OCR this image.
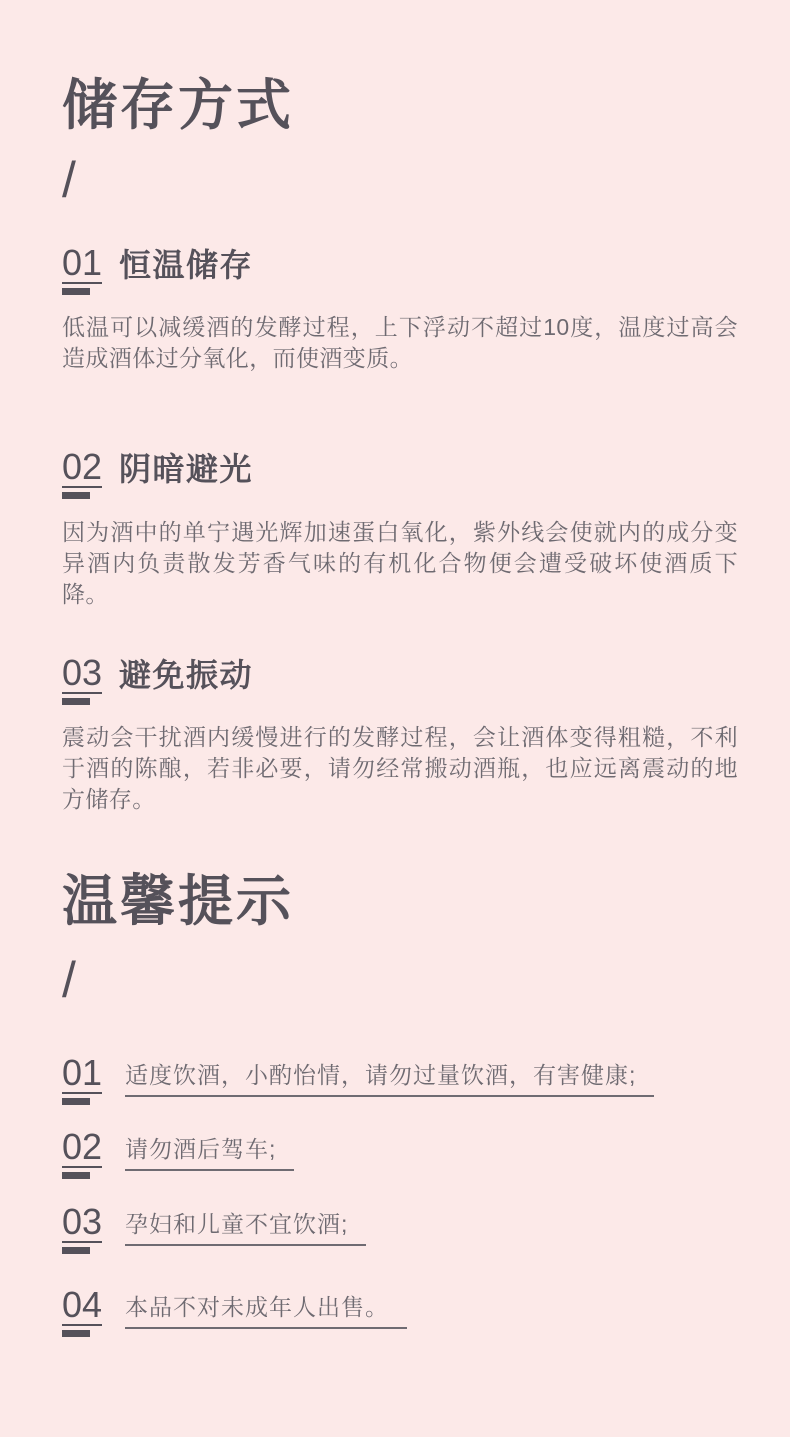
储存方式
/
01 恒温储存

低温可以减缓酒的发酵过程，上下浮动不超过10度，温度过高会造成酒体过分氧化，而使酒变质。

02 阴暗避光

因为酒中的单宁遇光辉加速蛋白氧化，紫外线会使就内的成分变异酒内负责散发芳香气味的有机化合物便会遭受破坏使酒质下降。

03 避免振动

震动会干扰酒内缓慢进行的发酵过程，会让酒体变得粗糙，不利于酒的陈酿，若非必要，请勿经常搬动酒瓶，也应远离震动的地方储存。

温馨提示
/
01 适度饮酒，小酌怡情，请勿过量饮酒，有害健康;
02 请勿酒后驾车;
03 孕妇和儿童不宜饮酒;
04 本品不对未成年人出售。
